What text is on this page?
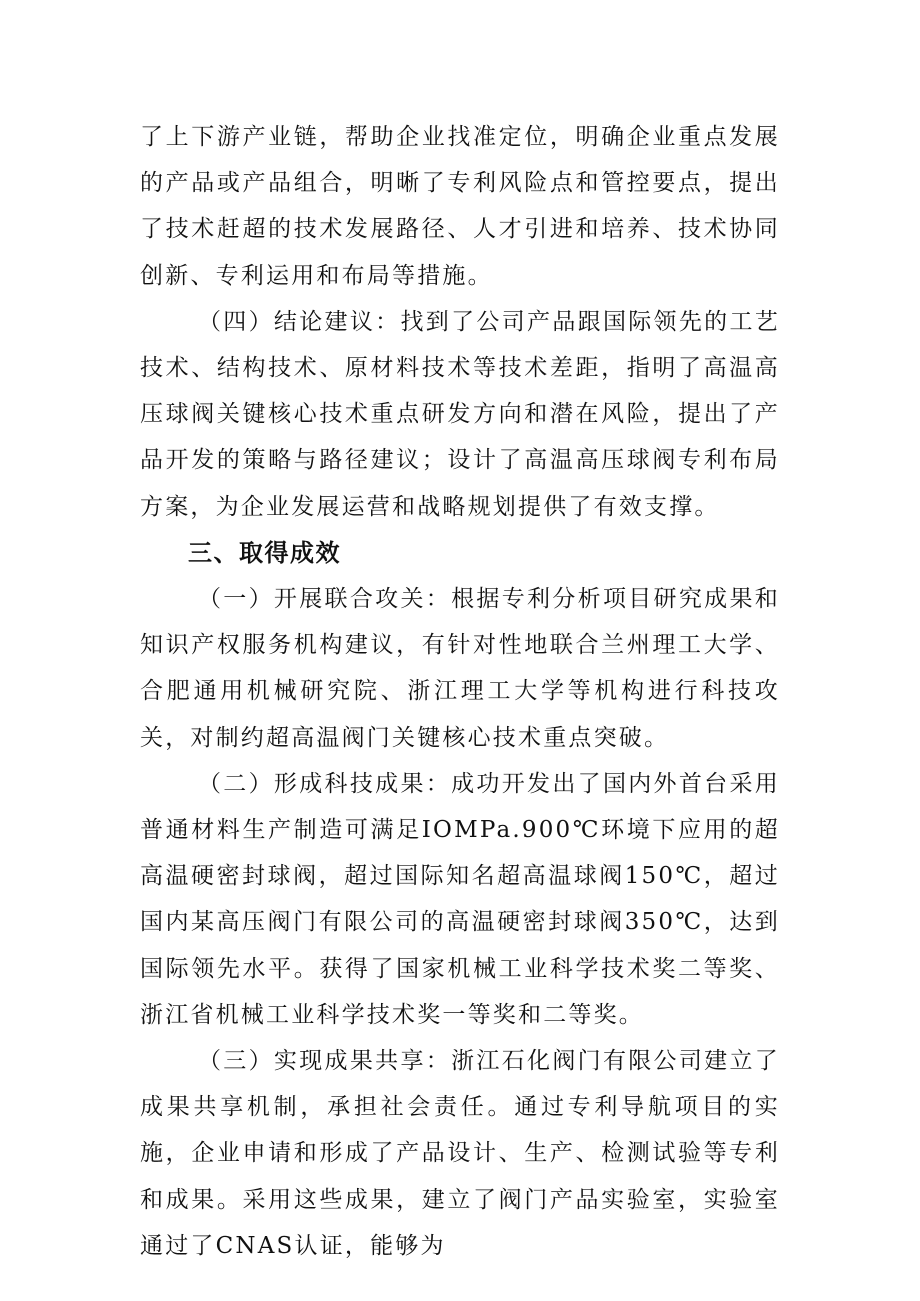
了上下游产业链，帮助企业找准定位，明确企业重点发展的产品或产品组合，明晰了专利风险点和管控要点，提出了技术赶超的技术发展路径、人才引进和培养、技术协同创新、专利运用和布局等措施。

（四）结论建议：找到了公司产品跟国际领先的工艺技术、结构技术、原材料技术等技术差距，指明了高温高压球阀关键核心技术重点研发方向和潜在风险，提出了产品开发的策略与路径建议；设计了高温高压球阀专利布局方案，为企业发展运营和战略规划提供了有效支撑。

三、取得成效

（一）开展联合攻关：根据专利分析项目研究成果和知识产权服务机构建议，有针对性地联合兰州理工大学、合肥通用机械研究院、浙江理工大学等机构进行科技攻关，对制约超高温阀门关键核心技术重点突破。

（二）形成科技成果：成功开发出了国内外首台采用普通材料生产制造可满足IOMPa.900℃环境下应用的超高温硬密封球阀，超过国际知名超高温球阀150℃，超过国内某高压阀门有限公司的高温硬密封球阀350℃，达到国际领先水平。获得了国家机械工业科学技术奖二等奖、浙江省机械工业科学技术奖一等奖和二等奖。

（三）实现成果共享：浙江石化阀门有限公司建立了成果共享机制，承担社会责任。通过专利导航项目的实施，企业申请和形成了产品设计、生产、检测试验等专利和成果。采用这些成果，建立了阀门产品实验室，实验室通过了CNAS认证，能够为
